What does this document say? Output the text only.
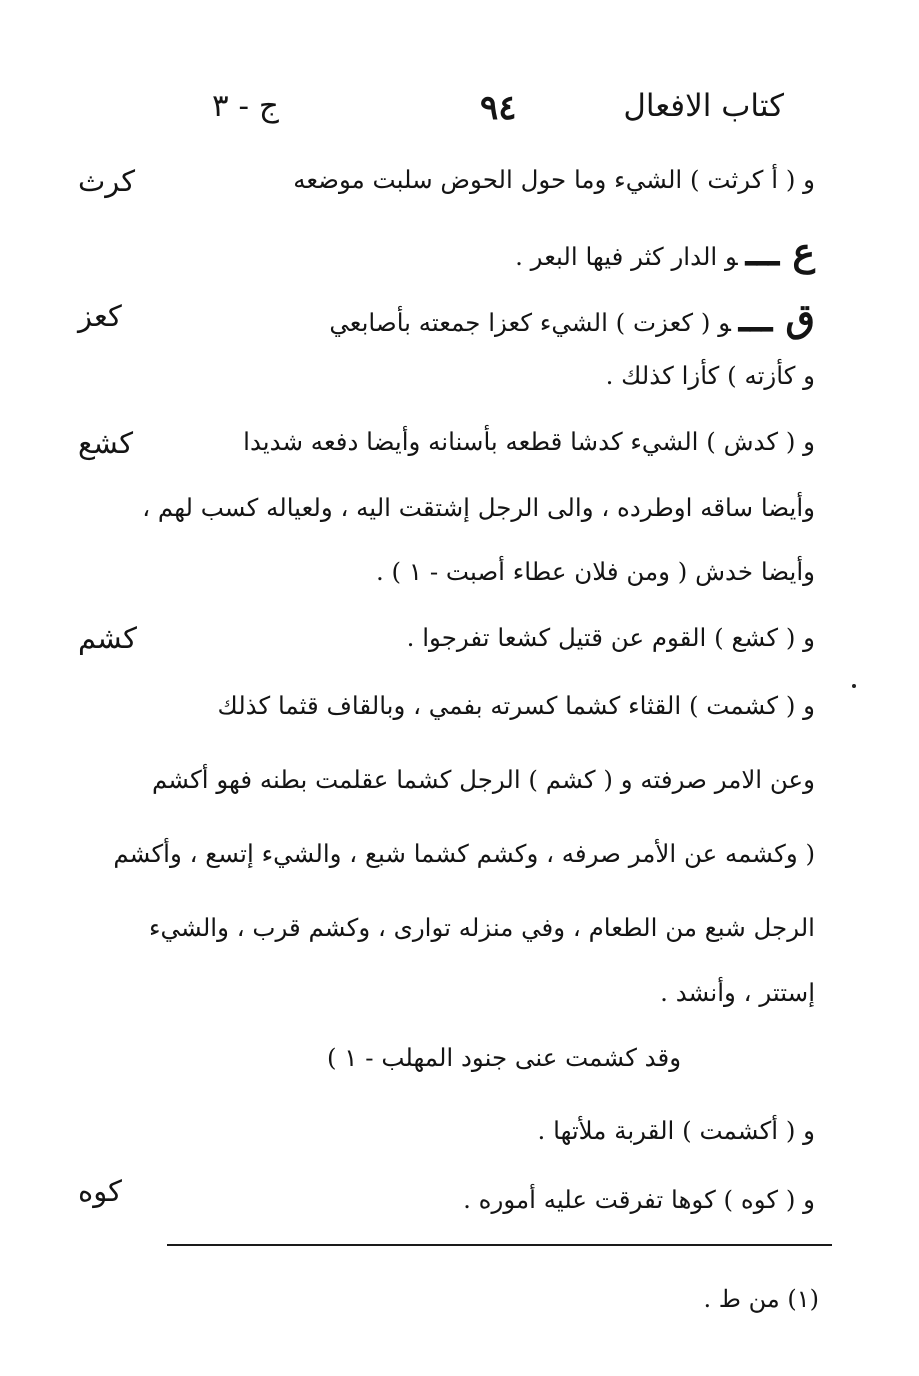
كتاب الافعال
٩٤
ج - ٣
كرث
كعز
كشع
كشم
كوه
و ( أ كرثت ) الشيء وما حول الحوض سلبت موضعه
ع ـــو الدار كثر فيها البعر .
ق ـــو ( كعزت ) الشيء كعزا جمعته بأصابعي
و كأزته ) كأزا كذلك .
و ( كدش ) الشيء كدشا قطعه بأسنانه وأيضا دفعه شديدا
وأيضا ساقه اوطرده ، والى الرجل إشتقت اليه ، ولعياله كسب لهم ،
وأيضا خدش ( ومن فلان عطاء أصبت - ١ ) .
و ( كشع ) القوم عن قتيل كشعا تفرجوا .
و ( كشمت ) القثاء كشما كسرته بفمي ، وبالقاف قثما كذلك
وعن الامر صرفته و ( كشم ) الرجل كشما عقلمت بطنه فهو أكشم
( وكشمه عن الأمر صرفه ، وكشم كشما شبع ، والشيء إتسع ، وأكشم
الرجل شبع من الطعام ، وفي منزله توارى ، وكشم قرب ، والشيء
إستتر ، وأنشد .
وقد كشمت عنى جنود المهلب - ١ )
و ( أكشمت ) القربة ملأتها .
و ( كوه ) كوها تفرقت عليه أموره .
(١) من ط .
